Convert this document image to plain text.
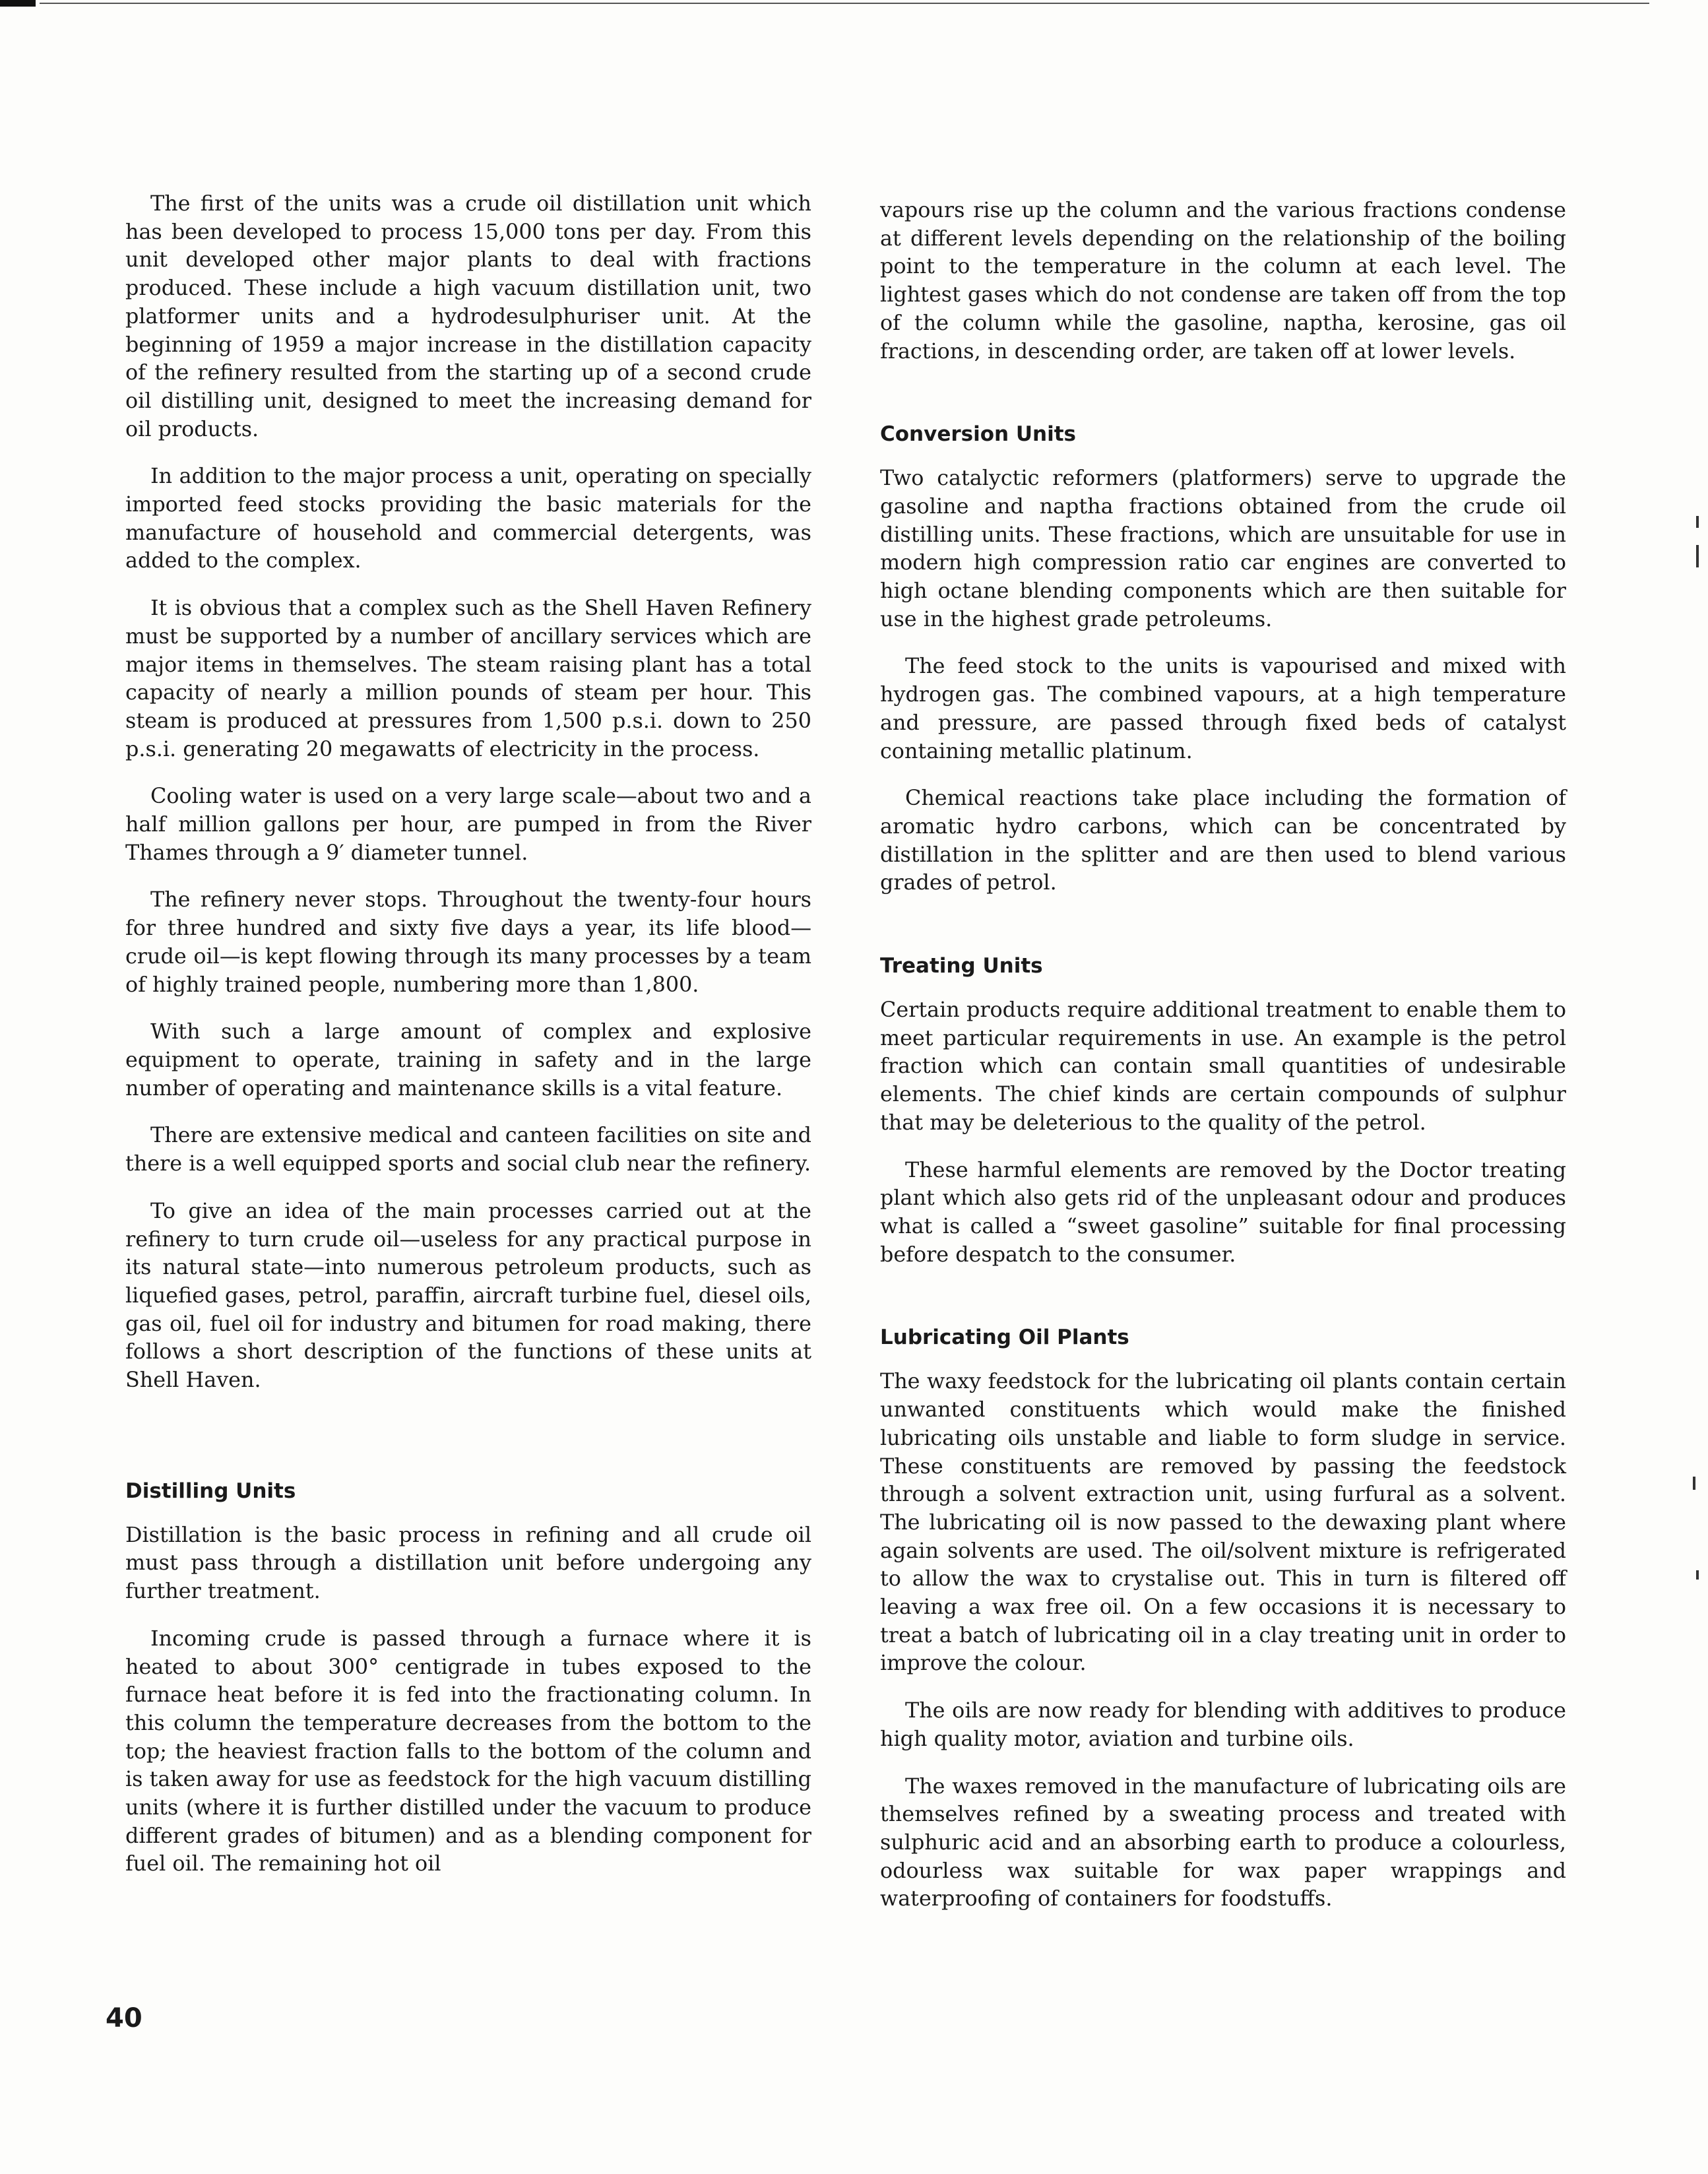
The first of the units was a crude oil distillation unit which has been developed to process 15,000 tons per day. From this unit developed other major plants to deal with fractions produced. These include a high vacuum distillation unit, two platformer units and a hydrodesulphuriser unit. At the beginning of 1959 a major increase in the distillation capacity of the refinery resulted from the starting up of a second crude oil distilling unit, designed to meet the increasing demand for oil products.

In addition to the major process a unit, operating on specially imported feed stocks providing the basic materials for the manufacture of household and commercial detergents, was added to the complex.

It is obvious that a complex such as the Shell Haven Refinery must be supported by a number of ancillary services which are major items in themselves. The steam raising plant has a total capacity of nearly a million pounds of steam per hour. This steam is produced at pressures from 1,500 p.s.i. down to 250 p.s.i. generating 20 megawatts of electricity in the process.

Cooling water is used on a very large scale—about two and a half million gallons per hour, are pumped in from the River Thames through a 9′ diameter tunnel.

The refinery never stops. Throughout the twenty-four hours for three hundred and sixty five days a year, its life blood—crude oil—is kept flowing through its many processes by a team of highly trained people, numbering more than 1,800.

With such a large amount of complex and explosive equipment to operate, training in safety and in the large number of operating and maintenance skills is a vital feature.

There are extensive medical and canteen facilities on site and there is a well equipped sports and social club near the refinery.

To give an idea of the main processes carried out at the refinery to turn crude oil—useless for any practical purpose in its natural state—into numerous petroleum products, such as liquefied gases, petrol, paraffin, aircraft turbine fuel, diesel oils, gas oil, fuel oil for industry and bitumen for road making, there follows a short description of the functions of these units at Shell Haven.

Distilling Units

Distillation is the basic process in refining and all crude oil must pass through a distillation unit before undergoing any further treatment.

Incoming crude is passed through a furnace where it is heated to about 300° centigrade in tubes exposed to the furnace heat before it is fed into the fractionating column. In this column the temperature decreases from the bottom to the top; the heaviest fraction falls to the bottom of the column and is taken away for use as feedstock for the high vacuum distilling units (where it is further distilled under the vacuum to produce different grades of bitumen) and as a blending component for fuel oil. The remaining hot oil

vapours rise up the column and the various fractions condense at different levels depending on the relationship of the boiling point to the temperature in the column at each level. The lightest gases which do not condense are taken off from the top of the column while the gasoline, naptha, kerosine, gas oil fractions, in descending order, are taken off at lower levels.

Conversion Units

Two catalyctic reformers (platformers) serve to upgrade the gasoline and naptha fractions obtained from the crude oil distilling units. These fractions, which are unsuitable for use in modern high compression ratio car engines are converted to high octane blending components which are then suitable for use in the highest grade petroleums.

The feed stock to the units is vapourised and mixed with hydrogen gas. The combined vapours, at a high temperature and pressure, are passed through fixed beds of catalyst containing metallic platinum.

Chemical reactions take place including the formation of aromatic hydro carbons, which can be concentrated by distillation in the splitter and are then used to blend various grades of petrol.

Treating Units

Certain products require additional treatment to enable them to meet particular requirements in use. An example is the petrol fraction which can contain small quantities of undesirable elements. The chief kinds are certain compounds of sulphur that may be deleterious to the quality of the petrol.

These harmful elements are removed by the Doctor treating plant which also gets rid of the unpleasant odour and produces what is called a “sweet gasoline” suitable for final processing before despatch to the consumer.

Lubricating Oil Plants

The waxy feedstock for the lubricating oil plants contain certain unwanted constituents which would make the finished lubricating oils unstable and liable to form sludge in service. These constituents are removed by passing the feedstock through a solvent extraction unit, using furfural as a solvent. The lubricating oil is now passed to the dewaxing plant where again solvents are used. The oil/solvent mixture is refrigerated to allow the wax to crystalise out. This in turn is filtered off leaving a wax free oil. On a few occasions it is necessary to treat a batch of lubricating oil in a clay treating unit in order to improve the colour.

The oils are now ready for blending with additives to produce high quality motor, aviation and turbine oils.

The waxes removed in the manufacture of lubricating oils are themselves refined by a sweating process and treated with sulphuric acid and an absorbing earth to produce a colourless, odourless wax suitable for wax paper wrappings and waterproofing of containers for foodstuffs.

40
